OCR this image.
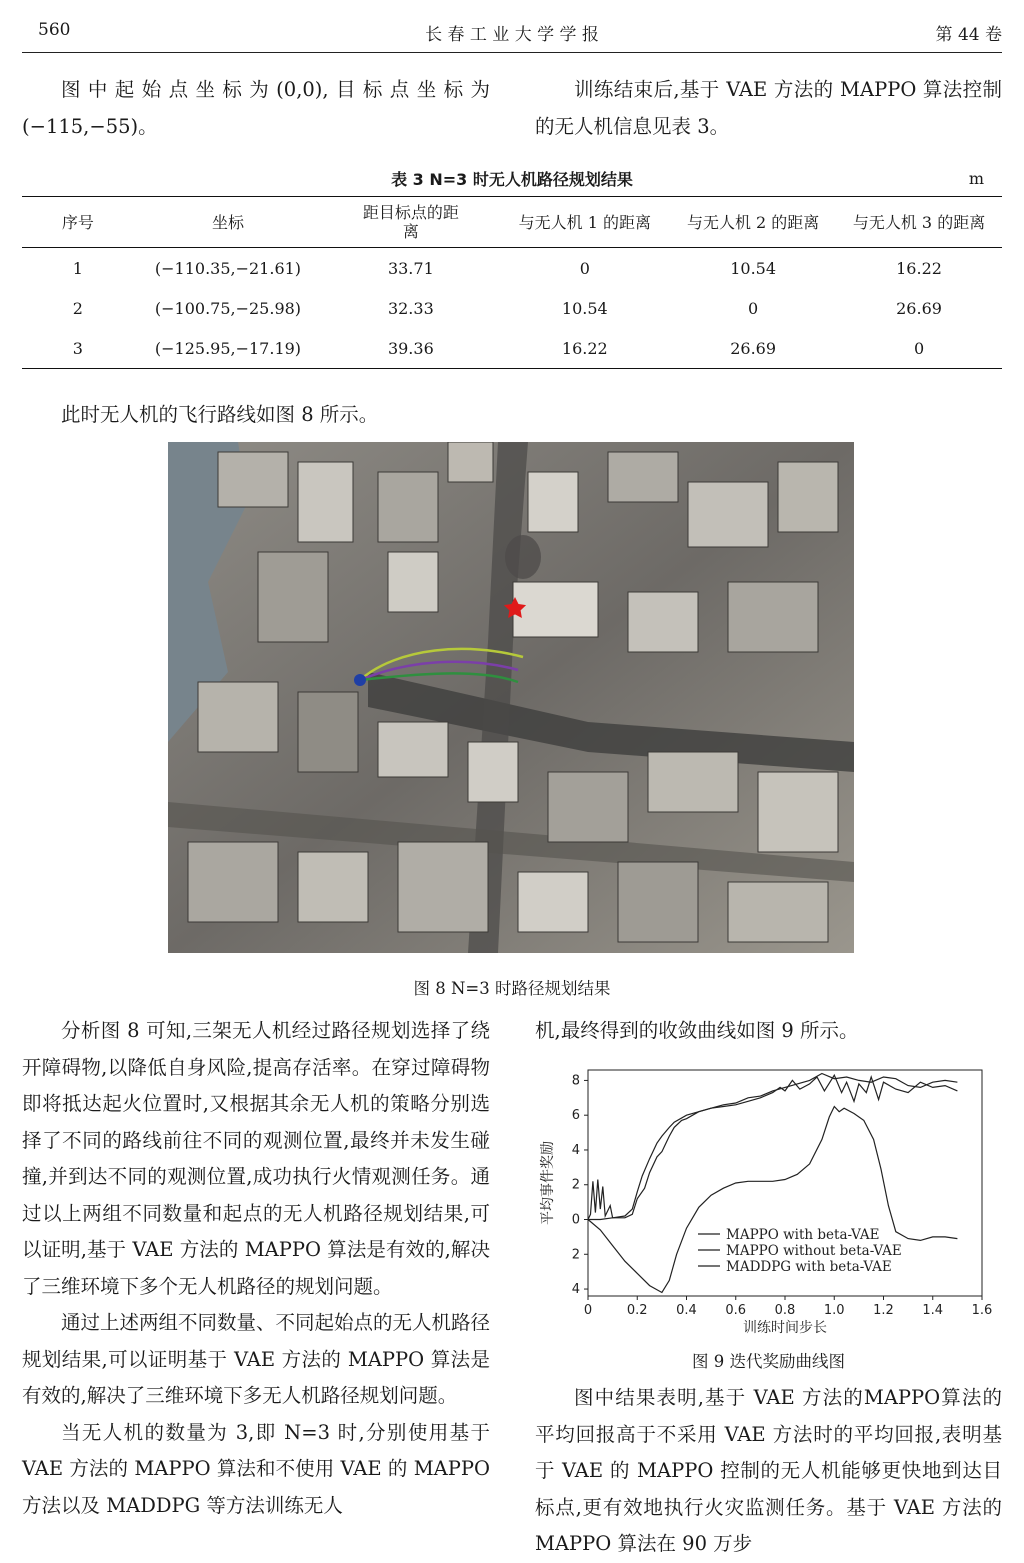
560	长 春 工 业 大 学 学 报	第 44 卷

图中起始点坐标为(0,0),目标点坐标为(−115,−55)。

训练结束后,基于 VAE 方法的 MAPPO 算法控制的无人机信息见表 3。

表 3 N=3 时无人机路径规划结果	m
序号	坐标	距目标点的距离	与无人机 1 的距离	与无人机 2 的距离	与无人机 3 的距离
1	(−110.35,−21.61)	33.71	0	10.54	16.22
2	(−100.75,−25.98)	32.33	10.54	0	26.69
3	(−125.95,−17.19)	39.36	16.22	26.69	0

此时无人机的飞行路线如图 8 所示。

图 8 N=3 时路径规划结果

分析图 8 可知,三架无人机经过路径规划选择了绕开障碍物,以降低自身风险,提高存活率。在穿过障碍物即将抵达起火位置时,又根据其余无人机的策略分别选择了不同的路线前往不同的观测位置,最终并未发生碰撞,并到达不同的观测位置,成功执行火情观测任务。通过以上两组不同数量和起点的无人机路径规划结果,可以证明,基于 VAE 方法的 MAPPO 算法是有效的,解决了三维环境下多个无人机路径的规划问题。

通过上述两组不同数量、不同起始点的无人机路径规划结果,可以证明基于 VAE 方法的 MAPPO 算法是有效的,解决了三维环境下多无人机路径规划问题。

当无人机的数量为 3,即 N=3 时,分别使用基于 VAE 方法的 MAPPO 算法和不使用 VAE 的 MAPPO 方法以及 MADDPG 等方法训练无人

机,最终得到的收敛曲线如图 9 所示。

0	0.2 0.4 0.6 0.8 1.0 1.2 1.4 1.6
8
6
4
2
0
2
4
训练时间步长
平均事件奖励
MAPPO with beta-VAE
MAPPO without beta-VAE
MADDPG with beta-VAE
图 9 迭代奖励曲线图

图中结果表明,基于 VAE 方法的MAPPO算法的平均回报高于不采用 VAE 方法时的平均回报,表明基于 VAE 的 MAPPO 控制的无人机能够更快地到达目标点,更有效地执行火灾监测任务。基于 VAE 方法的 MAPPO 算法在 90 万步
